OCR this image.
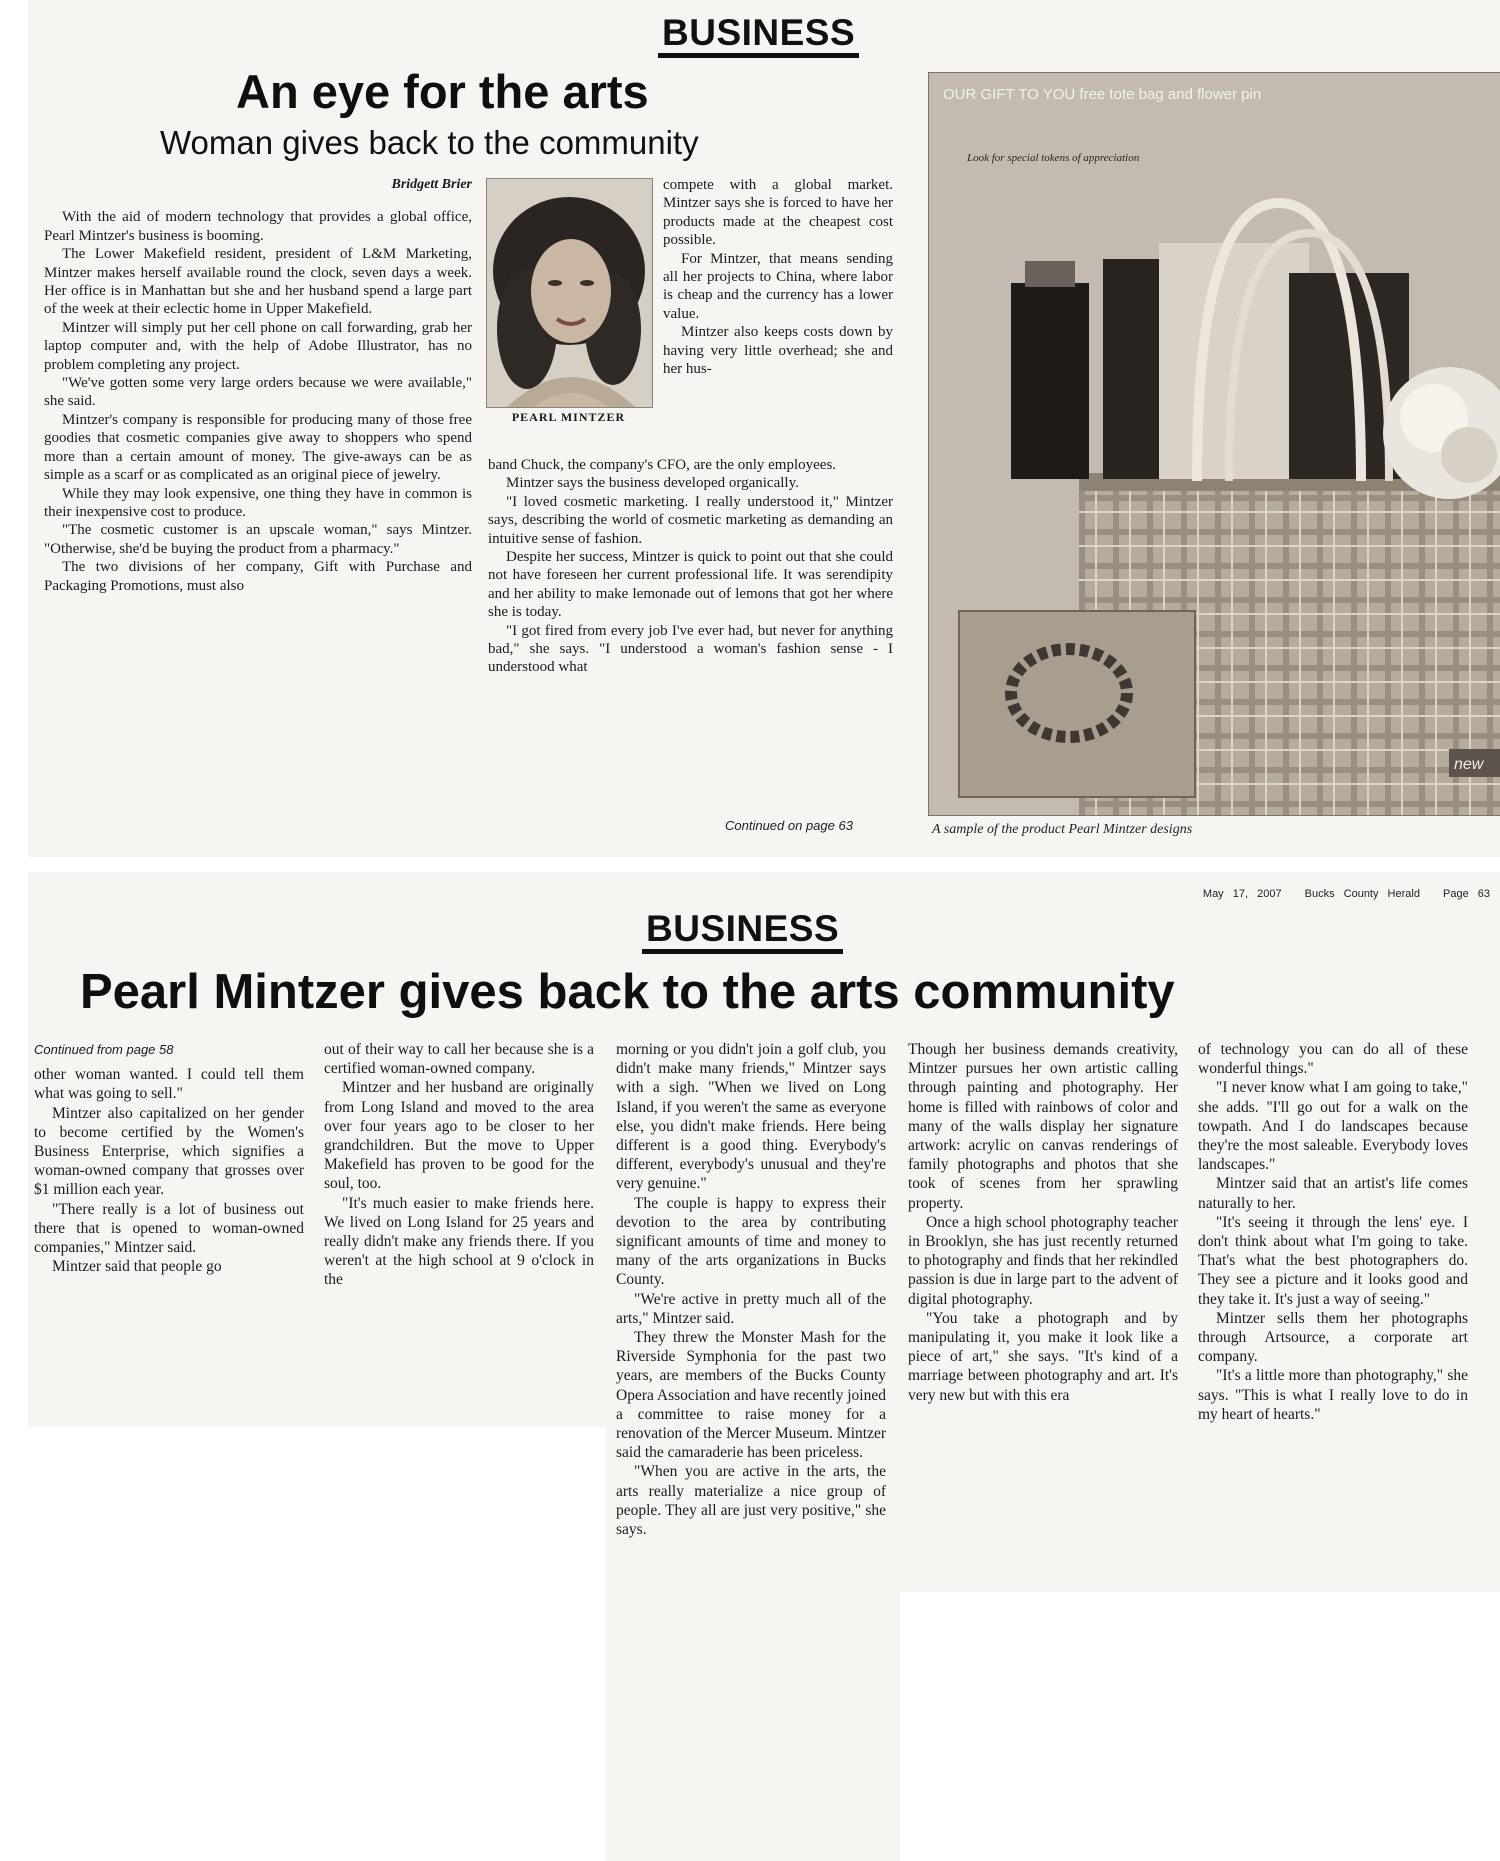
BUSINESS
An eye for the arts
Woman gives back to the community

Bridgett Brier

With the aid of modern technology that provides a global office, Pearl Mintzer's business is booming.

The Lower Makefield resident, president of L&M Marketing, Mintzer makes herself available round the clock, seven days a week. Her office is in Manhattan but she and her husband spend a large part of the week at their eclectic home in Upper Makefield.

Mintzer will simply put her cell phone on call forwarding, grab her laptop computer and, with the help of Adobe Illustrator, has no problem completing any project.

"We've gotten some very large orders because we were available," she said.

Mintzer's company is responsible for producing many of those free goodies that cosmetic companies give away to shoppers who spend more than a certain amount of money. The give-aways can be as simple as a scarf or as complicated as an original piece of jewelry.

While they may look expensive, one thing they have in common is their inexpensive cost to produce.

"The cosmetic customer is an upscale woman," says Mintzer. "Otherwise, she'd be buying the product from a pharmacy."

The two divisions of her company, Gift with Purchase and Packaging Promotions, must also

PEARL MINTZER

compete with a global market. Mintzer says she is forced to have her products made at the cheapest cost possible.

For Mintzer, that means sending all her projects to China, where labor is cheap and the currency has a lower value.

Mintzer also keeps costs down by having very little overhead; she and her hus-

band Chuck, the company's CFO, are the only employees.

Mintzer says the business developed organically.

"I loved cosmetic marketing. I really understood it," Mintzer says, describing the world of cosmetic marketing as demanding an intuitive sense of fashion.

Despite her success, Mintzer is quick to point out that she could not have foreseen her current professional life. It was serendipity and her ability to make lemonade out of lemons that got her where she is today.

"I got fired from every job I've ever had, but never for anything bad," she says. "I understood a woman's fashion sense - I understood what

Continued on page 63
OUR GIFT TO YOU free tote bag and flower pin
Look for special tokens of appreciation
new
A sample of the product Pearl Mintzer designs
May 17, 2007 Bucks County Herald Page 63
BUSINESS
Pearl Mintzer gives back to the arts community

Continued from page 58

other woman wanted. I could tell them what was going to sell."

Mintzer also capitalized on her gender to become certified by the Women's Business Enterprise, which signifies a woman-owned company that grosses over $1 million each year.

"There really is a lot of business out there that is opened to woman-owned companies," Mintzer said.

Mintzer said that people go

out of their way to call her because she is a certified woman-owned company.

Mintzer and her husband are originally from Long Island and moved to the area over four years ago to be closer to her grandchildren. But the move to Upper Makefield has proven to be good for the soul, too.

"It's much easier to make friends here. We lived on Long Island for 25 years and really didn't make any friends there. If you weren't at the high school at 9 o'clock in the

morning or you didn't join a golf club, you didn't make many friends," Mintzer says with a sigh. "When we lived on Long Island, if you weren't the same as everyone else, you didn't make friends. Here being different is a good thing. Everybody's different, everybody's unusual and they're very genuine."

The couple is happy to express their devotion to the area by contributing significant amounts of time and money to many of the arts organizations in Bucks County.

"We're active in pretty much all of the arts," Mintzer said.

They threw the Monster Mash for the Riverside Symphonia for the past two years, are members of the Bucks County Opera Association and have recently joined a committee to raise money for a renovation of the Mercer Museum. Mintzer said the camaraderie has been priceless.

"When you are active in the arts, the arts really materialize a nice group of people. They all are just very positive," she says.

Though her business demands creativity, Mintzer pursues her own artistic calling through painting and photography. Her home is filled with rainbows of color and many of the walls display her signature artwork: acrylic on canvas renderings of family photographs and photos that she took of scenes from her sprawling property.

Once a high school photography teacher in Brooklyn, she has just recently returned to photography and finds that her rekindled passion is due in large part to the advent of digital photography.

"You take a photograph and by manipulating it, you make it look like a piece of art," she says. "It's kind of a marriage between photography and art. It's very new but with this era

of technology you can do all of these wonderful things."

"I never know what I am going to take," she adds. "I'll go out for a walk on the towpath. And I do landscapes because they're the most saleable. Everybody loves landscapes."

Mintzer said that an artist's life comes naturally to her.

"It's seeing it through the lens' eye. I don't think about what I'm going to take. That's what the best photographers do. They see a picture and it looks good and they take it. It's just a way of seeing."

Mintzer sells them her photographs through Artsource, a corporate art company.

"It's a little more than photography," she says. "This is what I really love to do in my heart of hearts."
